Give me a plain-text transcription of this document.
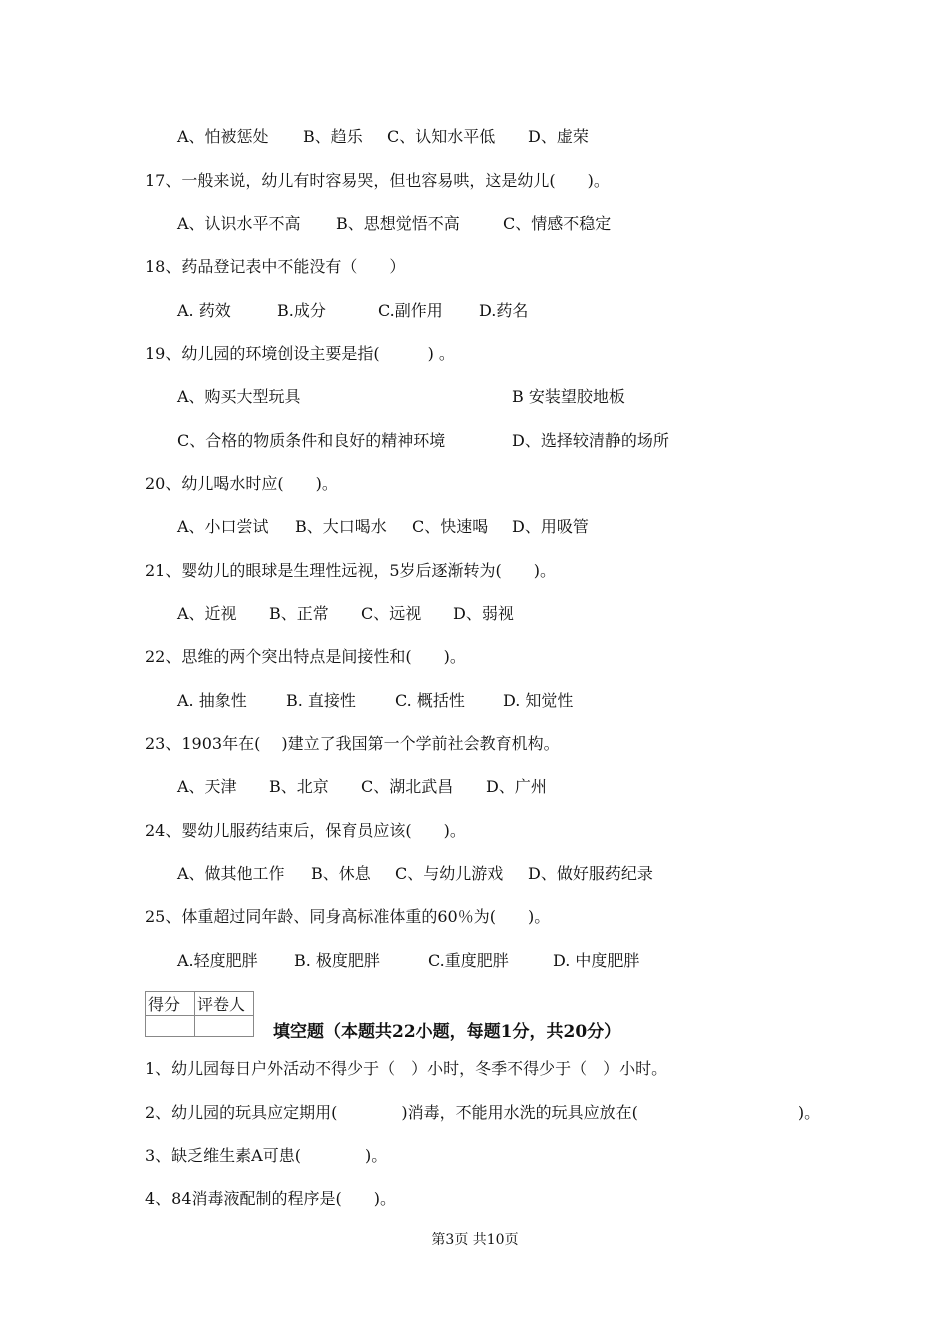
A、怕被惩处 B、趋乐 C、认知水平低 D、虚荣
17、一般来说，幼儿有时容易哭，但也容易哄，这是幼儿(　　)。
A、认识水平不高 B、思想觉悟不高	C、情感不稳定
18、药品登记表中不能没有（　　）
A. 药效	B.成分	C.副作用 D.药名
19、幼儿园的环境创设主要是指(　　　) 。
A、购买大型玩具	B 安装望胶地板
C、合格的物质条件和良好的精神环境	D、选择较清静的场所
20、幼儿喝水时应(　　)。
A、小口尝试 B、大口喝水 C、快速喝 D、用吸管
21、婴幼儿的眼球是生理性远视，5岁后逐渐转为(　　)。
A、近视 B、正常 C、远视 D、弱视
22、思维的两个突出特点是间接性和(　　)。
A. 抽象性 B. 直接性 C. 概括性 D. 知觉性
23、1903年在(　 )建立了我国第一个学前社会教育机构。
A、天津 B、北京 C、湖北武昌 D、广州
24、婴幼儿服药结束后，保育员应该(　　)。
A、做其他工作 B、休息 C、与幼儿游戏 D、做好服药纪录
25、体重超过同年龄、同身高标准体重的60％为(　　)。
A.轻度肥胖 B. 极度肥胖	C.重度肥胖	D. 中度肥胖
得分	评卷人

填空题（本题共22小题，每题1分，共20分）
1、幼儿园每日户外活动不得少于（　）小时，冬季不得少于（　）小时。
2、幼儿园的玩具应定期用(　　　　)消毒，不能用水洗的玩具应放在(　　　　　　　　　　)。
3、缺乏维生素A可患(　　　　)。
4、84消毒液配制的程序是(　　)。
第3页 共10页
